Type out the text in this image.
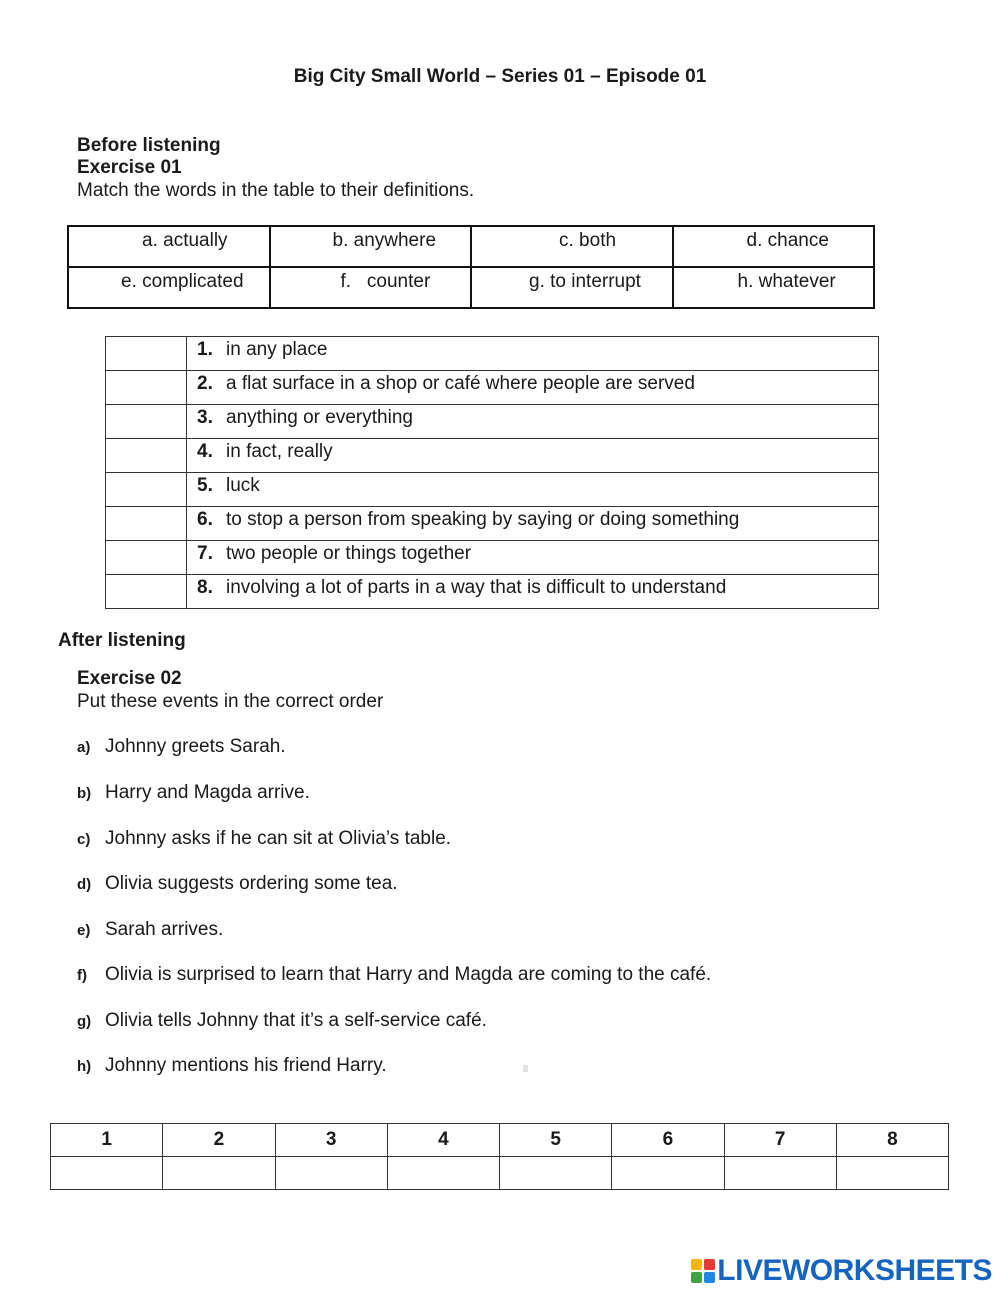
Big City Small World – Series 01 – Episode 01
Before listening
Exercise 01
Match the words in the table to their definitions.
a. actually	b. anywhere	c. both	d. chance

e. complicated	f.   counter	g. to interrupt	h. whatever
	1. in any place
	2. a flat surface in a shop or café where people are served
	3. anything or everything
	4. in fact, really
	5. luck
	6. to stop a person from speaking by saying or doing something
	7. two people or things together
	8. involving a lot of parts in a way that is difficult to understand
After listening
Exercise 02
Put these events in the correct order
a) Johnny greets Sarah.
b) Harry and Magda arrive.
c) Johnny asks if he can sit at Olivia’s table.
d) Olivia suggests ordering some tea.
e) Sarah arrives.
f) Olivia is surprised to learn that Harry and Magda are coming to the café.
g) Olivia tells Johnny that it’s a self-service café.
h) Johnny mentions his friend Harry.
1	2	3	4	5	6	7	8

LIVEWORKSHEETS
